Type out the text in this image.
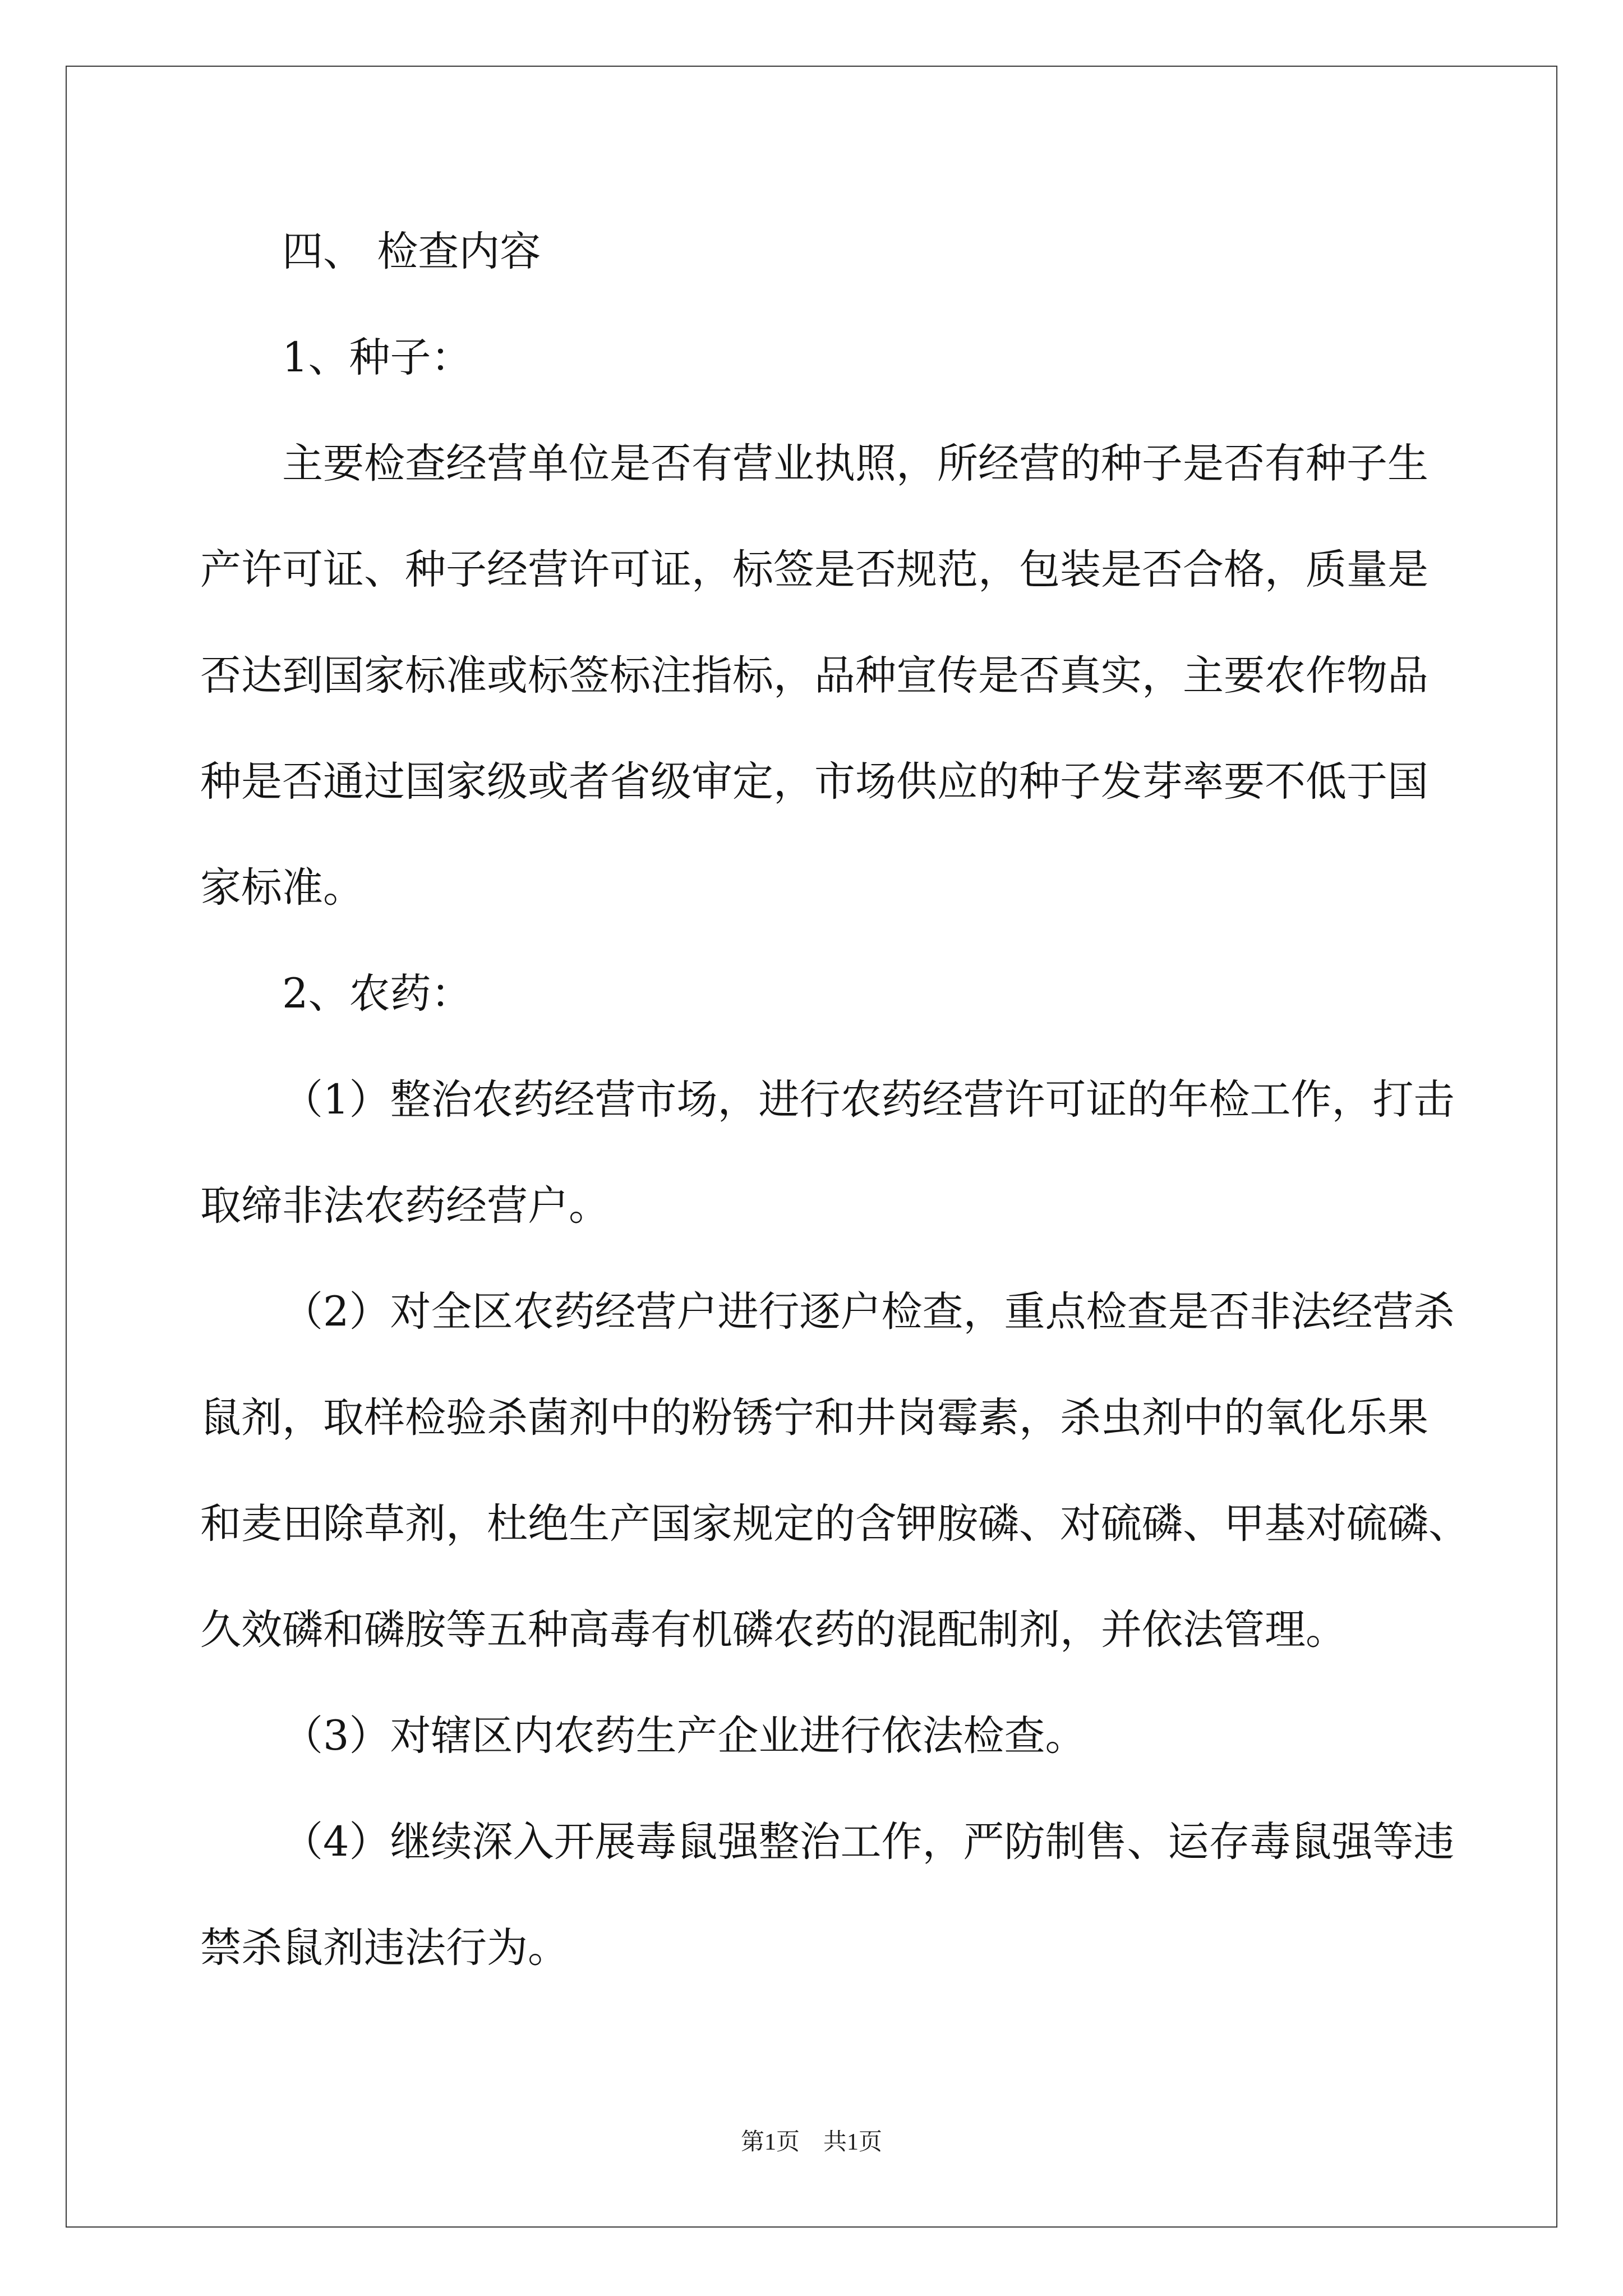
四、 检查内容
1、种子：
主要检查经营单位是否有营业执照，所经营的种子是否有种子生
产许可证、种子经营许可证，标签是否规范，包装是否合格，质量是
否达到国家标准或标签标注指标，品种宣传是否真实，主要农作物品
种是否通过国家级或者省级审定，市场供应的种子发芽率要不低于国
家标准。
2、农药：
（1）整治农药经营市场，进行农药经营许可证的年检工作，打击
取缔非法农药经营户。
（2）对全区农药经营户进行逐户检查，重点检查是否非法经营杀
鼠剂，取样检验杀菌剂中的粉锈宁和井岗霉素，杀虫剂中的氧化乐果
和麦田除草剂，杜绝生产国家规定的含钾胺磷、对硫磷、甲基对硫磷、
久效磷和磷胺等五种高毒有机磷农药的混配制剂，并依法管理。
（3）对辖区内农药生产企业进行依法检查。
（4）继续深入开展毒鼠强整治工作，严防制售、运存毒鼠强等违
禁杀鼠剂违法行为。
第1页　共1页
